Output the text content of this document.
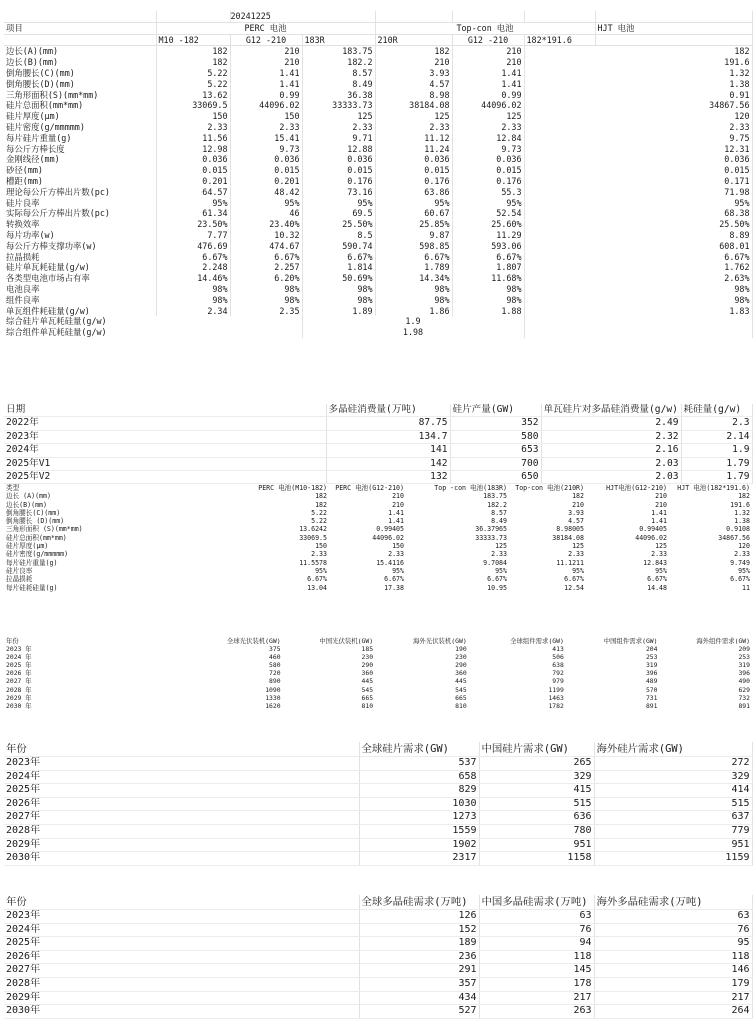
		20241225					
项目	PERC 电池			Top-con 电池			HJT 电池
	M10 -182	G12 -210	183R	210R	G12 -210	182*191.6	
边长(A)(mm)	182	210	183.75	182	210	182	
边长(B)(mm)	182	210	182.2	210	210	191.6	
倒角腰长(C)(mm)	5.22	1.41	8.57	3.93	1.41	1.32	
倒角腰长(D)(mm)	5.22	1.41	8.49	4.57	1.41	1.38	
三角形面积(S)(mm*mm)	13.62	0.99	36.38	8.98	0.99	0.91	
硅片总面积(mm*mm)	33069.5	44096.02	33333.73	38184.08	44096.02	34867.56	
硅片厚度(μm)	150	150	125	125	125	120	
硅片密度(g/mmmmm)	2.33	2.33	2.33	2.33	2.33	2.33	
每片硅片重量(g)	11.56	15.41	9.71	11.12	12.84	9.75	
每公斤方棒长度	12.98	9.73	12.88	11.24	9.73	12.31	
金刚线径(mm)	0.036	0.036	0.036	0.036	0.036	0.036	
砂径(mm)	0.015	0.015	0.015	0.015	0.015	0.015	
槽距(mm)	0.201	0.201	0.176	0.176	0.176	0.171	
理论每公斤方棒出片数(pc)	64.57	48.42	73.16	63.86	55.3	71.98	
硅片良率	95%	95%	95%	95%	95%	95%	
实际每公斤方棒出片数(pc)	61.34	46	69.5	60.67	52.54	68.38	
转换效率	23.50%	23.40%	25.50%	25.85%	25.60%	25.50%	
每片功率(w)	7.77	10.32	8.5	9.87	11.29	8.89	
每公斤方棒支撑功率(w)	476.69	474.67	590.74	598.85	593.06	608.01	
拉晶损耗	6.67%	6.67%	6.67%	6.67%	6.67%	6.67%	
硅片单瓦耗硅量(g/w)	2.248	2.257	1.814	1.789	1.807	1.762	
各类型电池市场占有率	14.46%	6.20%	50.69%	14.34%	11.68%	2.63%	
电池良率	98%	98%	98%	98%	98%	98%	
组件良率	98%	98%	98%	98%	98%	98%	
单瓦组件耗硅量(g/w)	2.34	2.35	1.89	1.86	1.88	1.83	
综合硅片单瓦耗硅量(g/w)			1.9				
综合组件单瓦耗硅量(g/w)			1.98				
日期	多晶硅消费量(万吨)	硅片产量(GW)	单瓦硅片对多晶硅消费量(g/w)	耗硅量(g/w)
2022年	87.75	352	2.49	2.3
2023年	134.7	580	2.32	2.14
2024年	141	653	2.16	1.9
2025年V1	142	700	2.03	1.79
2025年V2	132	650	2.03	1.79
类型	PERC 电池(M10-182)	PERC 电池(G12-210)	Top -con 电池(183R)	Top-con 电池(210R)	HJT电池(G12-210)	HJT 电池(182*191.6)
边长 (A)(mm)	182	210	183.75	182	210	182
边长(B)(mm)	182	210	182.2	210	210	191.6
倒角腰长(C)(mm)	5.22	1.41	8.57	3.93	1.41	1.32
倒角腰长 (D)(mm)	5.22	1.41	8.49	4.57	1.41	1.38
三角形面积 (S)(mm*mm)	13.6242	0.99405	36.37965	8.98005	0.99405	0.9108
硅片总面积(mm*mm)	33069.5	44096.02	33333.73	38184.08	44096.02	34867.56
硅片厚度(μm)	150	150	125	125	125	120
硅片密度(g/mmmmm)	2.33	2.33	2.33	2.33	2.33	2.33
每片硅片重量(g)	11.5578	15.4116	9.7084	11.1211	12.843	9.749
硅片良率	95%	95%	95%	95%	95%	95%
拉晶损耗	6.67%	6.67%	6.67%	6.67%	6.67%	6.67%
每片硅耗硅量(g)	13.04	17.38	10.95	12.54	14.48	11
年份	全球光伏装机(GW)	中国光伏装机(GW)	海外光伏装机(GW)	全球组件需求(GW)	中国组件需求(GW)	海外组件需求(GW)
2023 年	375	185	190	413	204	209
2024 年	460	230	230	506	253	253
2025 年	580	290	290	638	319	319
2026 年	720	360	360	792	396	396
2027 年	890	445	445	979	489	490
2028 年	1090	545	545	1199	570	629
2029 年	1330	665	665	1463	731	732
2030 年	1620	810	810	1782	891	891
年份	全球硅片需求(GW)	中国硅片需求(GW)	海外硅片需求(GW)
2023年	537	265	272
2024年	658	329	329
2025年	829	415	414
2026年	1030	515	515
2027年	1273	636	637
2028年	1559	780	779
2029年	1902	951	951
2030年	2317	1158	1159
年份	全球多晶硅需求(万吨)	中国多晶硅需求(万吨)	海外多晶硅需求(万吨)
2023年	126	63	63
2024年	152	76	76
2025年	189	94	95
2026年	236	118	118
2027年	291	145	146
2028年	357	178	179
2029年	434	217	217
2030年	527	263	264
